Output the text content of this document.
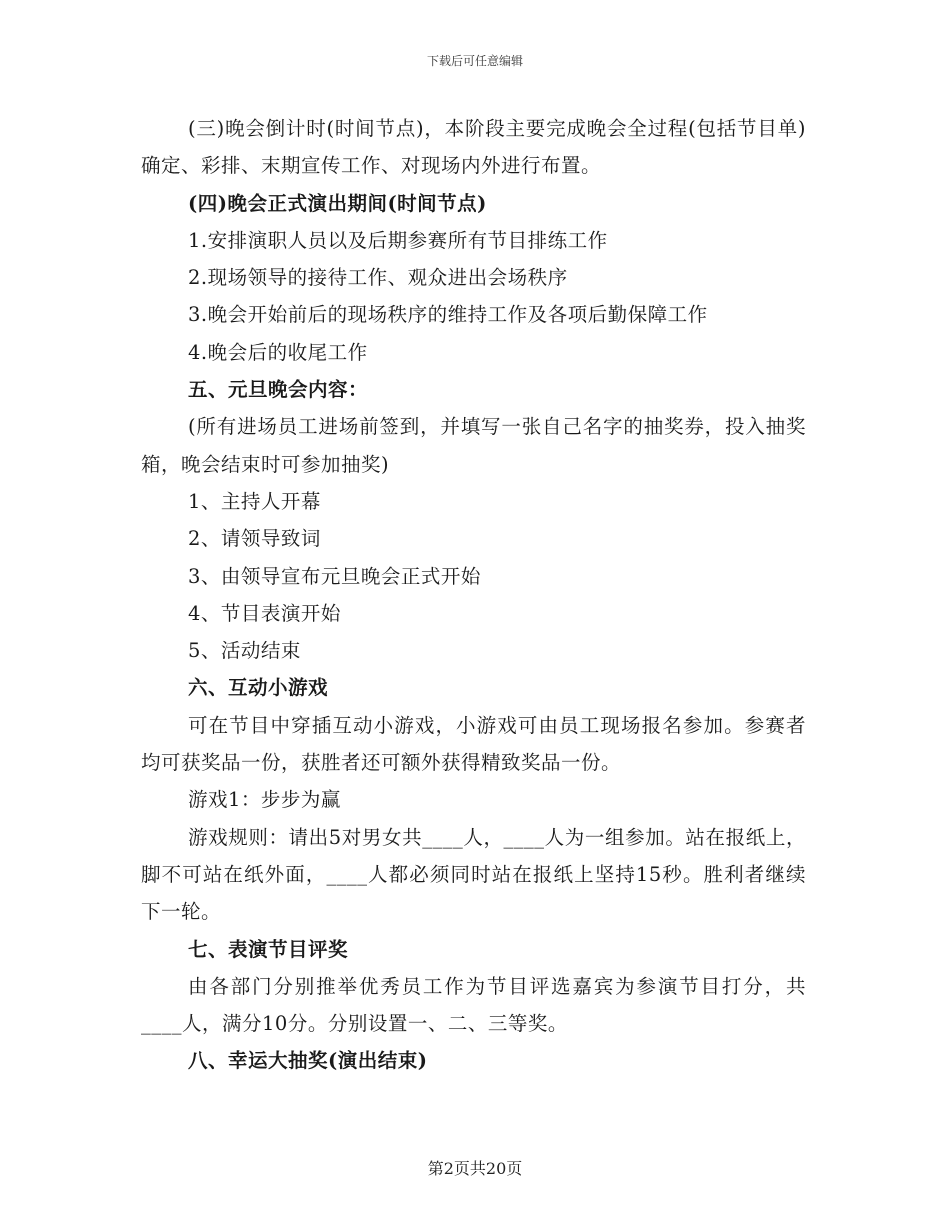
下载后可任意编辑

(三)晚会倒计时(时间节点)，本阶段主要完成晚会全过程(包括节目单)确定、彩排、末期宣传工作、对现场内外进行布置。

(四)晚会正式演出期间(时间节点)

1.安排演职人员以及后期参赛所有节目排练工作

2.现场领导的接待工作、观众进出会场秩序

3.晚会开始前后的现场秩序的维持工作及各项后勤保障工作

4.晚会后的收尾工作

五、元旦晚会内容：

(所有进场员工进场前签到，并填写一张自己名字的抽奖券，投入抽奖箱，晚会结束时可参加抽奖)

1、主持人开幕

2、请领导致词

3、由领导宣布元旦晚会正式开始

4、节目表演开始

5、活动结束

六、互动小游戏

可在节目中穿插互动小游戏，小游戏可由员工现场报名参加。参赛者均可获奖品一份，获胜者还可额外获得精致奖品一份。

游戏1：步步为赢

游戏规则：请出5对男女共____人，____人为一组参加。站在报纸上，脚不可站在纸外面，____人都必须同时站在报纸上坚持15秒。胜利者继续下一轮。

七、表演节目评奖

由各部门分别推举优秀员工作为节目评选嘉宾为参演节目打分，共____人，满分10分。分别设置一、二、三等奖。

八、幸运大抽奖(演出结束)

第2页共20页
